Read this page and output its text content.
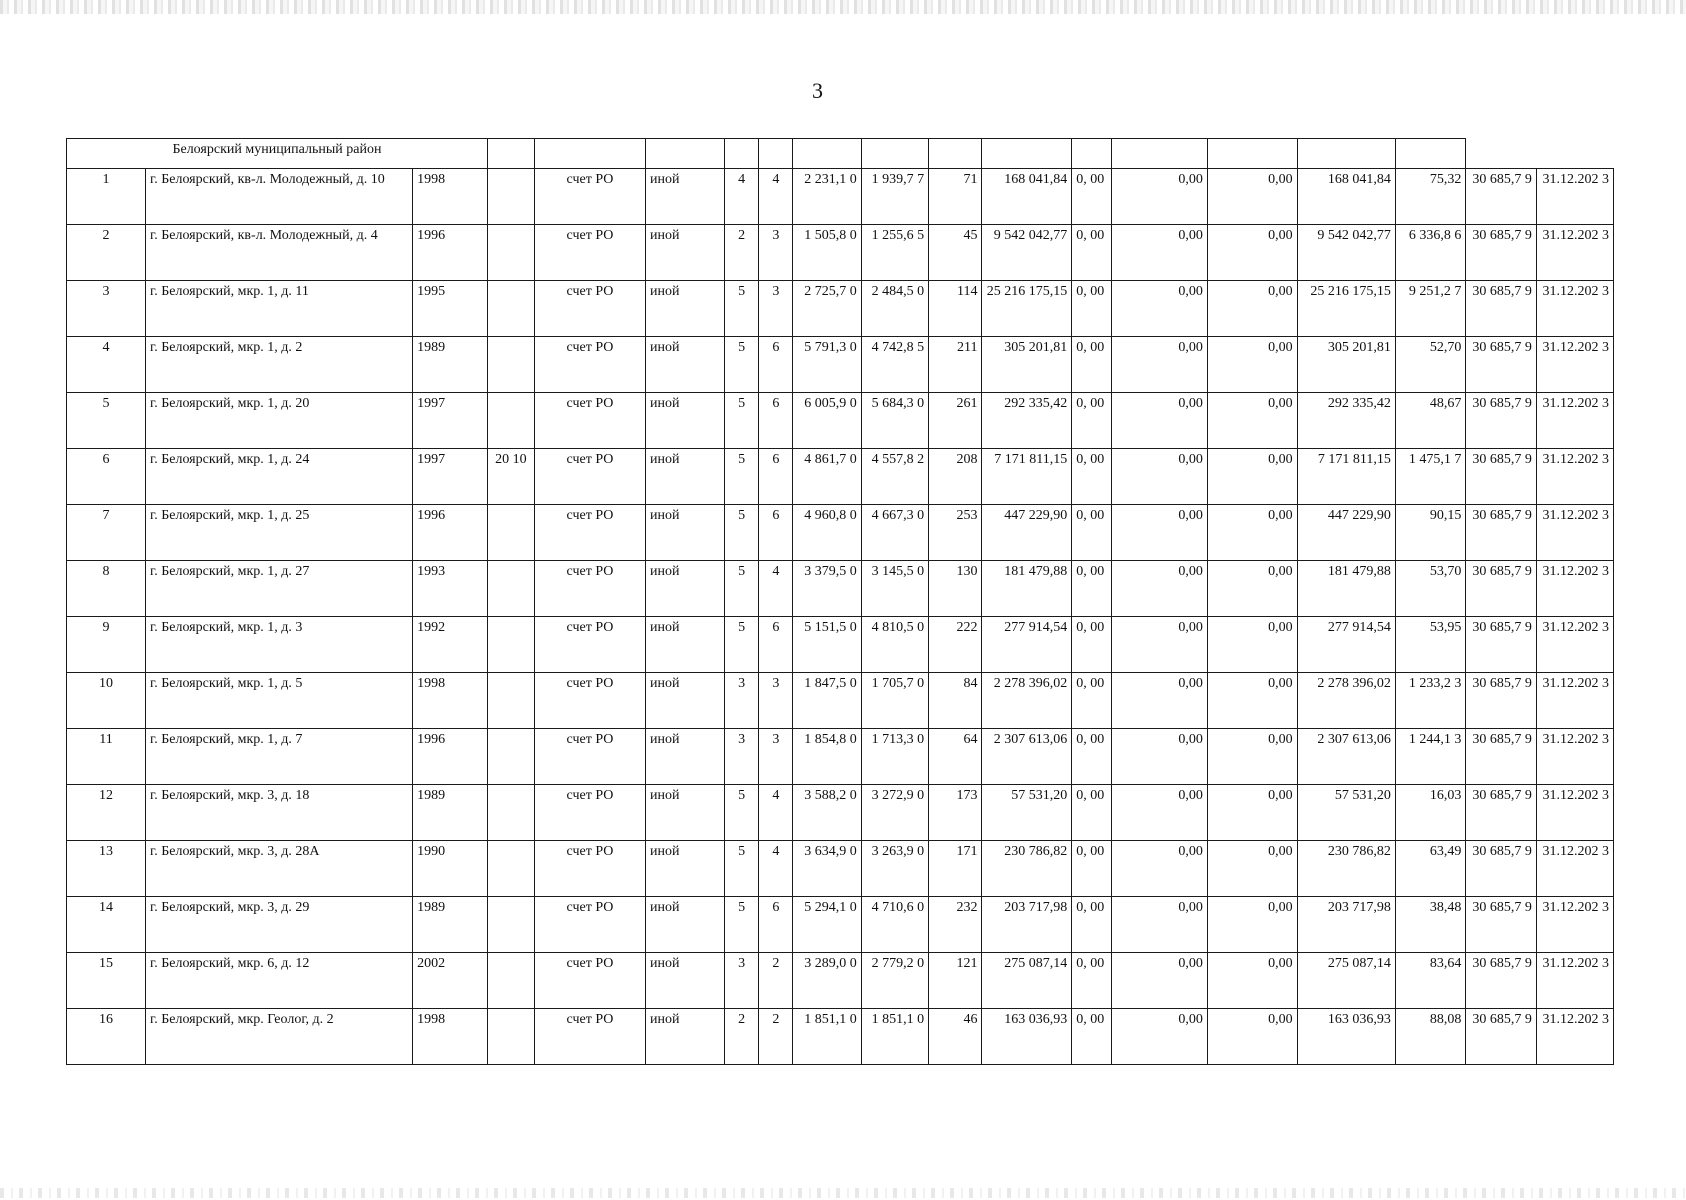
3
Белоярский муниципальный район																		
1	г. Белоярский, кв-л. Молодежный, д. 10	1998		счет РО	иной	4	4	2 231,1 0	1 939,7 7	71	168 041,84	0, 00	0,00	0,00	168 041,84	75,32	30 685,7 9	31.12.202 3
2	г. Белоярский, кв-л. Молодежный, д. 4	1996		счет РО	иной	2	3	1 505,8 0	1 255,6 5	45	9 542 042,77	0, 00	0,00	0,00	9 542 042,77	6 336,8 6	30 685,7 9	31.12.202 3
3	г. Белоярский, мкр. 1, д. 11	1995		счет РО	иной	5	3	2 725,7 0	2 484,5 0	114	25 216 175,15	0, 00	0,00	0,00	25 216 175,15	9 251,2 7	30 685,7 9	31.12.202 3
4	г. Белоярский, мкр. 1, д. 2	1989		счет РО	иной	5	6	5 791,3 0	4 742,8 5	211	305 201,81	0, 00	0,00	0,00	305 201,81	52,70	30 685,7 9	31.12.202 3
5	г. Белоярский, мкр. 1, д. 20	1997		счет РО	иной	5	6	6 005,9 0	5 684,3 0	261	292 335,42	0, 00	0,00	0,00	292 335,42	48,67	30 685,7 9	31.12.202 3
6	г. Белоярский, мкр. 1, д. 24	1997	20 10	счет РО	иной	5	6	4 861,7 0	4 557,8 2	208	7 171 811,15	0, 00	0,00	0,00	7 171 811,15	1 475,1 7	30 685,7 9	31.12.202 3
7	г. Белоярский, мкр. 1, д. 25	1996		счет РО	иной	5	6	4 960,8 0	4 667,3 0	253	447 229,90	0, 00	0,00	0,00	447 229,90	90,15	30 685,7 9	31.12.202 3
8	г. Белоярский, мкр. 1, д. 27	1993		счет РО	иной	5	4	3 379,5 0	3 145,5 0	130	181 479,88	0, 00	0,00	0,00	181 479,88	53,70	30 685,7 9	31.12.202 3
9	г. Белоярский, мкр. 1, д. 3	1992		счет РО	иной	5	6	5 151,5 0	4 810,5 0	222	277 914,54	0, 00	0,00	0,00	277 914,54	53,95	30 685,7 9	31.12.202 3
10	г. Белоярский, мкр. 1, д. 5	1998		счет РО	иной	3	3	1 847,5 0	1 705,7 0	84	2 278 396,02	0, 00	0,00	0,00	2 278 396,02	1 233,2 3	30 685,7 9	31.12.202 3
11	г. Белоярский, мкр. 1, д. 7	1996		счет РО	иной	3	3	1 854,8 0	1 713,3 0	64	2 307 613,06	0, 00	0,00	0,00	2 307 613,06	1 244,1 3	30 685,7 9	31.12.202 3
12	г. Белоярский, мкр. 3, д. 18	1989		счет РО	иной	5	4	3 588,2 0	3 272,9 0	173	57 531,20	0, 00	0,00	0,00	57 531,20	16,03	30 685,7 9	31.12.202 3
13	г. Белоярский, мкр. 3, д. 28А	1990		счет РО	иной	5	4	3 634,9 0	3 263,9 0	171	230 786,82	0, 00	0,00	0,00	230 786,82	63,49	30 685,7 9	31.12.202 3
14	г. Белоярский, мкр. 3, д. 29	1989		счет РО	иной	5	6	5 294,1 0	4 710,6 0	232	203 717,98	0, 00	0,00	0,00	203 717,98	38,48	30 685,7 9	31.12.202 3
15	г. Белоярский, мкр. 6, д. 12	2002		счет РО	иной	3	2	3 289,0 0	2 779,2 0	121	275 087,14	0, 00	0,00	0,00	275 087,14	83,64	30 685,7 9	31.12.202 3
16	г. Белоярский, мкр. Геолог, д. 2	1998		счет РО	иной	2	2	1 851,1 0	1 851,1 0	46	163 036,93	0, 00	0,00	0,00	163 036,93	88,08	30 685,7 9	31.12.202 3
